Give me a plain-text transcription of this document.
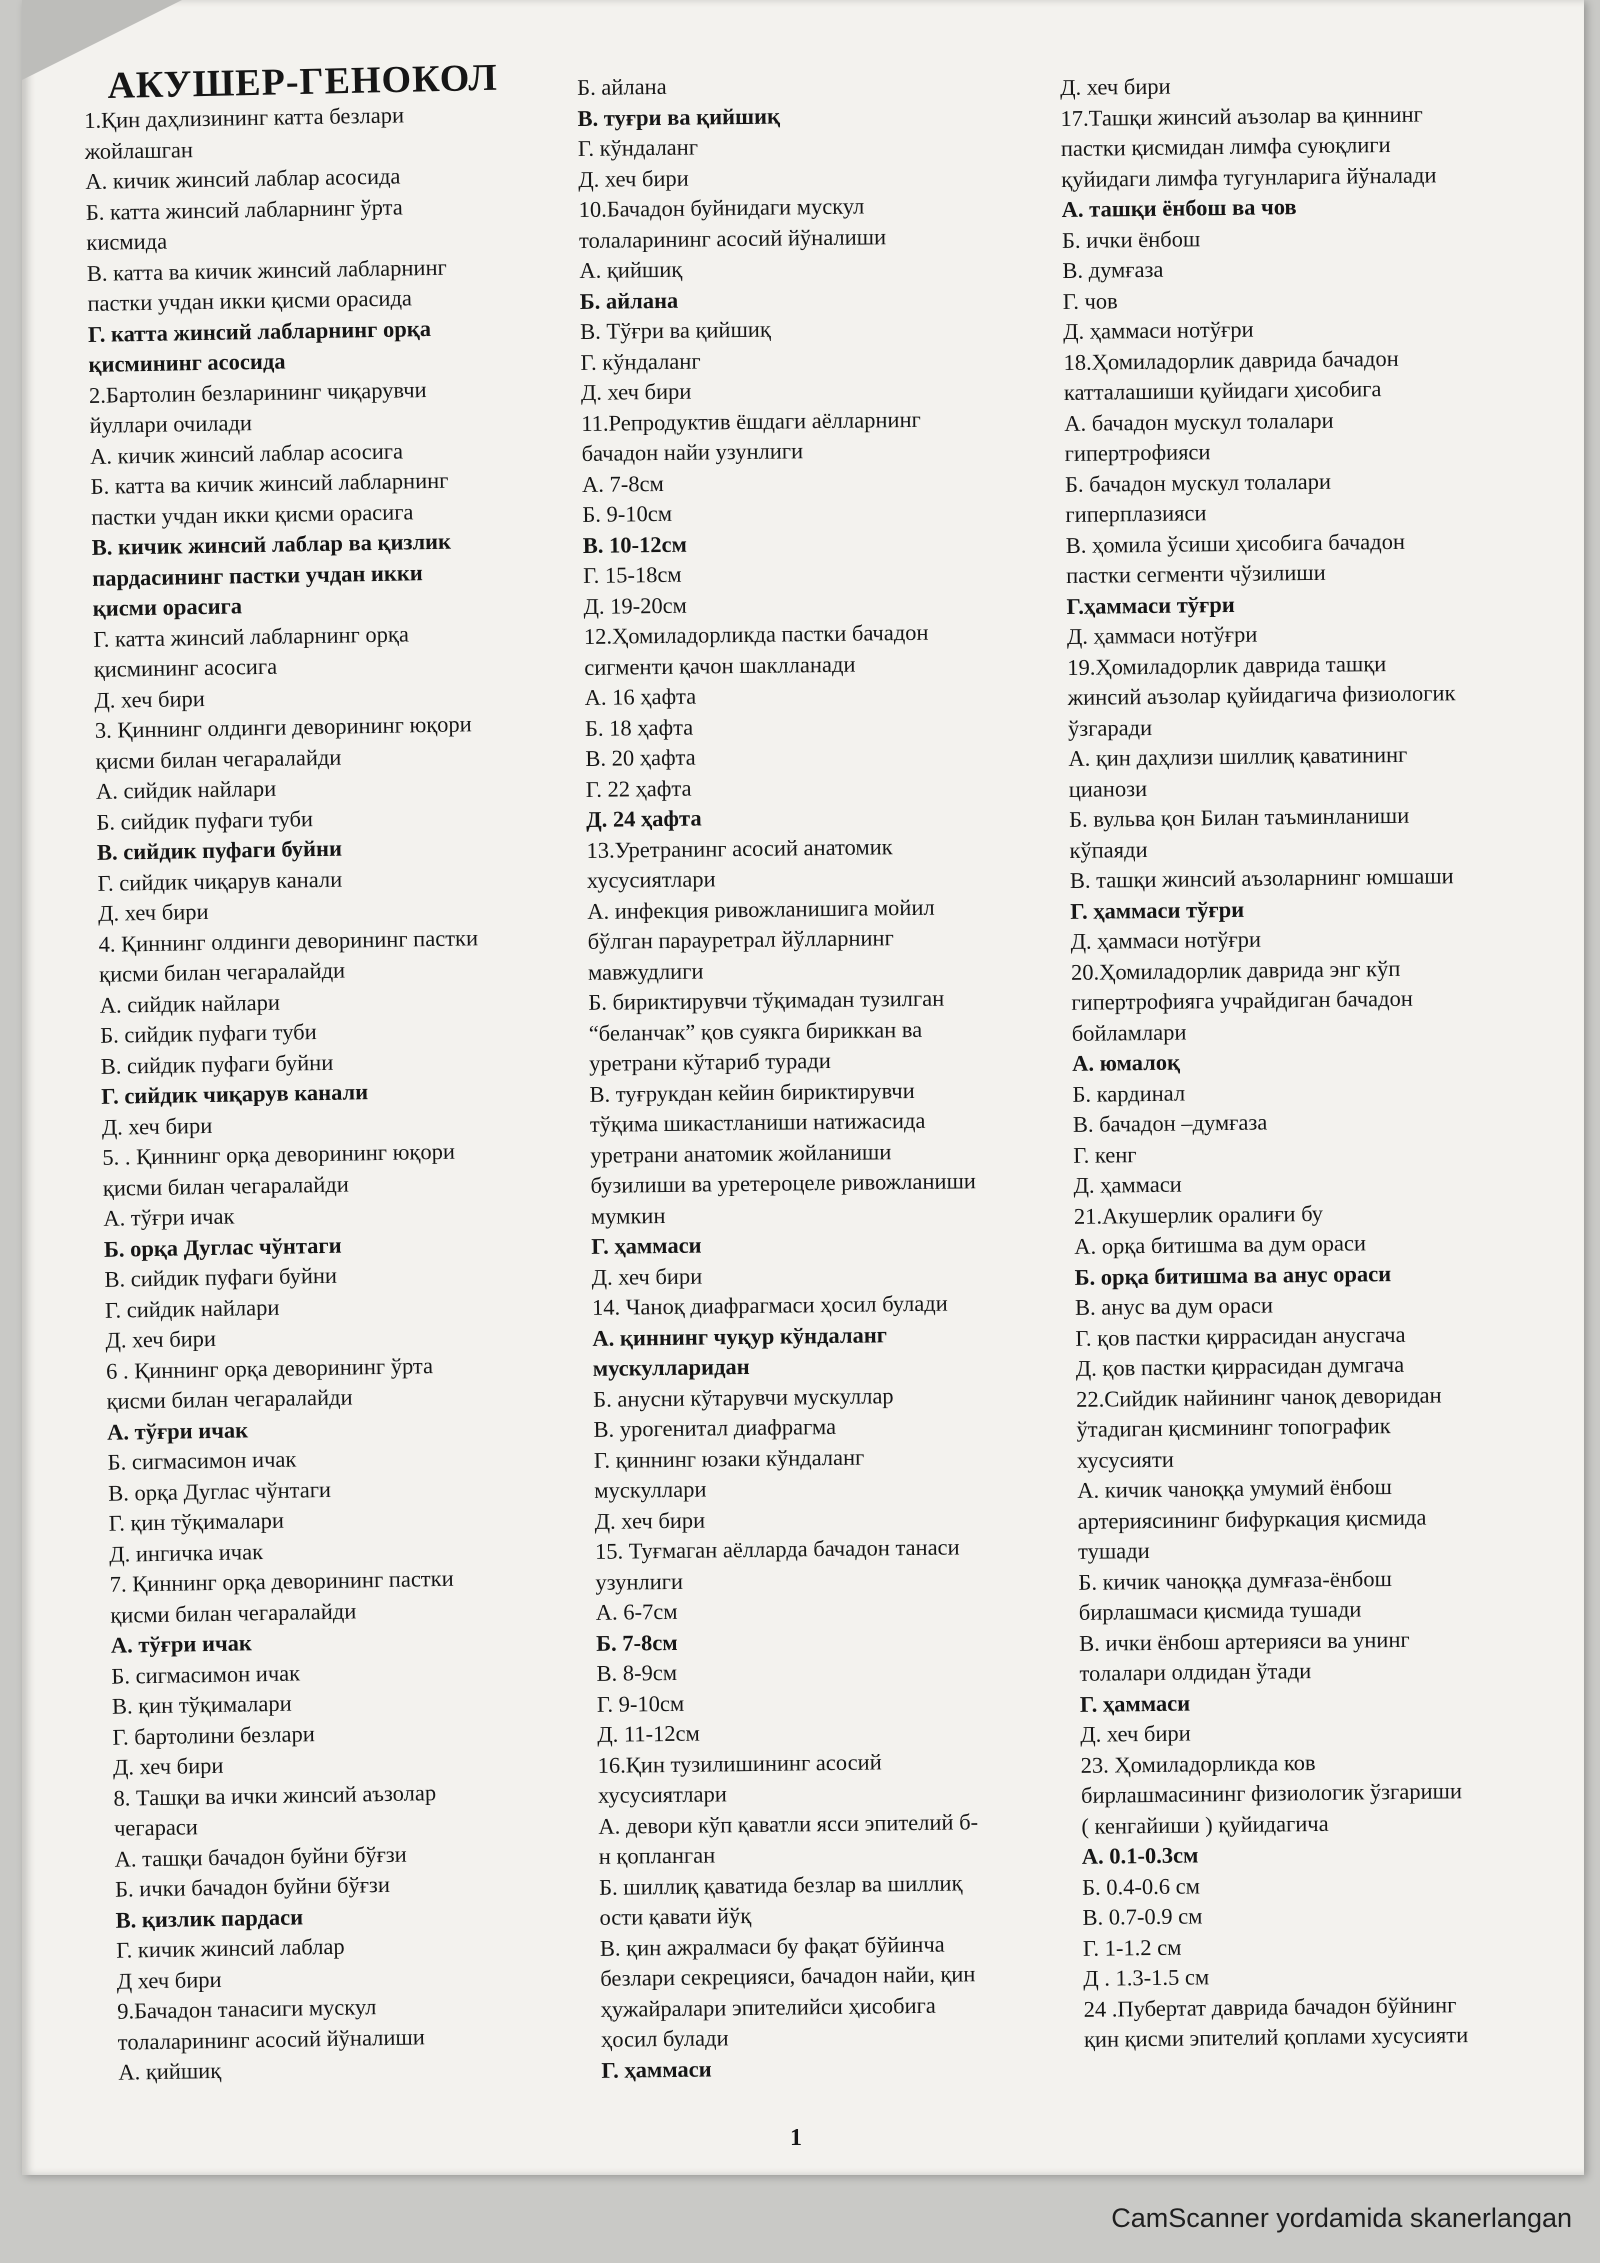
АКУШЕР-ГЕНОКОЛ
1.Қин даҳлизининг катта безлари
жойлашган
А. кичик жинсий лаблар асосида
Б. катта жинсий лабларнинг ўрта
кисмида
В. катта ва кичик жинсий лабларнинг
пастки учдан икки қисми орасида
Г. катта жинсий лабларнинг орқа
қисмининг асосида
2.Бартолин безларининг чиқарувчи
йуллари очилади
А. кичик жинсий лаблар асосига
Б. катта ва кичик жинсий лабларнинг
пастки учдан икки қисми орасига
В. кичик жинсий лаблар ва қизлик
пардасининг пастки учдан икки
қисми орасига
Г. катта жинсий лабларнинг орқа
қисмининг асосига
Д. хеч бири
3. Қиннинг олдинги деворининг юқори
қисми билан чегаралайди
А. сийдик найлари
Б. сийдик пуфаги туби
В. сийдик пуфаги буйни
Г. сийдик чиқарув канали
Д. хеч бири
4. Қиннинг олдинги деворининг пастки
қисми билан чегаралайди
А. сийдик найлари
Б. сийдик пуфаги туби
В. сийдик пуфаги буйни
Г. сийдик чиқарув канали
Д. хеч бири
5. . Қиннинг орқа деворининг юқори
қисми билан чегаралайди
А. тўғри ичак
Б. орқа Дуглас чўнтаги
В. сийдик пуфаги буйни
Г. сийдик найлари
Д. хеч бири
6 . Қиннинг орқа деворининг ўрта
қисми билан чегаралайди
А. тўғри ичак
Б. сигмасимон ичак
В. орқа Дуглас чўнтаги
Г. қин тўқималари
Д. ингичка ичак
7. Қиннинг орқа деворининг пастки
қисми билан чегаралайди
А. тўғри ичак
Б. сигмасимон ичак
В. қин тўқималари
Г. бартолини безлари
Д. хеч бири
8. Ташқи ва ички жинсий аъзолар
чегараси
А. ташқи бачадон буйни бўғзи
Б. ички бачадон буйни бўғзи
В. қизлик пардаси
Г. кичик жинсий лаблар
Д хеч бири
9.Бачадон танасиги мускул
толаларининг асосий йўналиши
А. қийшиқ
Б. айлана
В. туғри ва қийшиқ
Г. кўндаланг
Д. хеч бири
10.Бачадон буйнидаги мускул
толаларининг асосий йўналиши
А. қийшиқ
Б. айлана
В. Тўғри ва қийшиқ
Г. кўндаланг
Д. хеч бири
11.Репродуктив ёшдаги аёлларнинг
бачадон найи узунлиги
А. 7-8см
Б. 9-10см
В. 10-12см
Г. 15-18см
Д. 19-20см
12.Ҳомиладорликда пастки бачадон
сигменти қачон шаклланади
А. 16 ҳафта
Б. 18 ҳафта
В. 20 ҳафта
Г. 22 ҳафта
Д. 24 ҳафта
13.Уретранинг асосий анатомик
хусусиятлари
А. инфекция ривожланишига мойил
бўлган парауретрал йўлларнинг
мавжудлиги
Б. бириктирувчи тўқимадан тузилган
“беланчак” қов суякга бириккан ва
уретрани кўтариб туради
В. туғрукдан кейин бириктирувчи
тўқима шикастланиши натижасида
уретрани анатомик жойланиши
бузилиши ва уретероцеле ривожланиши
мумкин
Г. ҳаммаси
Д. хеч бири
14. Чаноқ диафрагмаси ҳосил булади
А. қиннинг чуқур кўндаланг
мускулларидан
Б. анусни кўтарувчи мускуллар
В. урогенитал диафрагма
Г. қиннинг юзаки кўндаланг
мускуллари
Д. хеч бири
15. Туғмаган аёлларда бачадон танаси
узунлиги
А. 6-7см
Б. 7-8см
В. 8-9см
Г. 9-10см
Д. 11-12см
16.Қин тузилишининг асосий
хусусиятлари
А. девори кўп қаватли ясси эпителий б-
н қопланган
Б. шиллиқ қаватида безлар ва шиллиқ
ости қавати йўқ
В. қин ажралмаси бу фақат бўйинча
безлари секрецияси, бачадон найи, қин
ҳужайралари эпителийси ҳисобига
ҳосил булади
Г. ҳаммаси
Д. хеч бири
17.Ташқи жинсий аъзолар ва қиннинг
пастки қисмидан лимфа суюқлиги
қуйидаги лимфа тугунларига йўналади
А. ташқи ёнбош ва чов
Б. ички ёнбош
В. думғаза
Г. чов
Д. ҳаммаси нотўғри
18.Ҳомиладорлик даврида бачадон
катталашиши қуйидаги ҳисобига
А. бачадон мускул толалари
гипертрофияси
Б. бачадон мускул толалари
гиперплазияси
В. ҳомила ўсиши ҳисобига бачадон
пастки сегменти чўзилиши
Г.ҳаммаси тўғри
Д. ҳаммаси нотўғри
19.Ҳомиладорлик даврида ташқи
жинсий аъзолар қуйидагича физиологик
ўзгаради
А. қин даҳлизи шиллиқ қаватининг
цианози
Б. вульва қон Билан таъминланиши
кўпаяди
В. ташқи жинсий аъзоларнинг юмшаши
Г. ҳаммаси тўғри
Д. ҳаммаси нотўғри
20.Ҳомиладорлик даврида энг кўп
гипертрофияга учрайдиган бачадон
бойламлари
А. юмалоқ
Б. кардинал
В. бачадон –думғаза
Г. кенг
Д. ҳаммаси
21.Акушерлик оралиғи бу
А. орқа битишма ва дум ораси
Б. орқа битишма ва анус ораси
В. анус ва дум ораси
Г. қов пастки қиррасидан анусгача
Д. қов пастки қиррасидан думгача
22.Сийдик найининг чаноқ деворидан
ўтадиган қисмининг топографик
хусусияти
А. кичик чаноққа умумий ёнбош
артериясининг бифуркация қисмида
тушади
Б. кичик чаноққа думғаза-ёнбош
бирлашмаси қисмида тушади
В. ички ёнбош артерияси ва унинг
толалари олдидан ўтади
Г. ҳаммаси
Д. хеч бири
23. Ҳомиладорликда ков
бирлашмасининг физиологик ўзгариши
( кенгайиши ) қуйидагича
А. 0.1-0.3см
Б. 0.4-0.6 см
В. 0.7-0.9 см
Г. 1-1.2 см
Д . 1.3-1.5 см
24 .Пубертат даврида бачадон бўйнинг
қин қисми эпителий қоплами хусусияти
1
CamScanner yordamida skanerlangan
